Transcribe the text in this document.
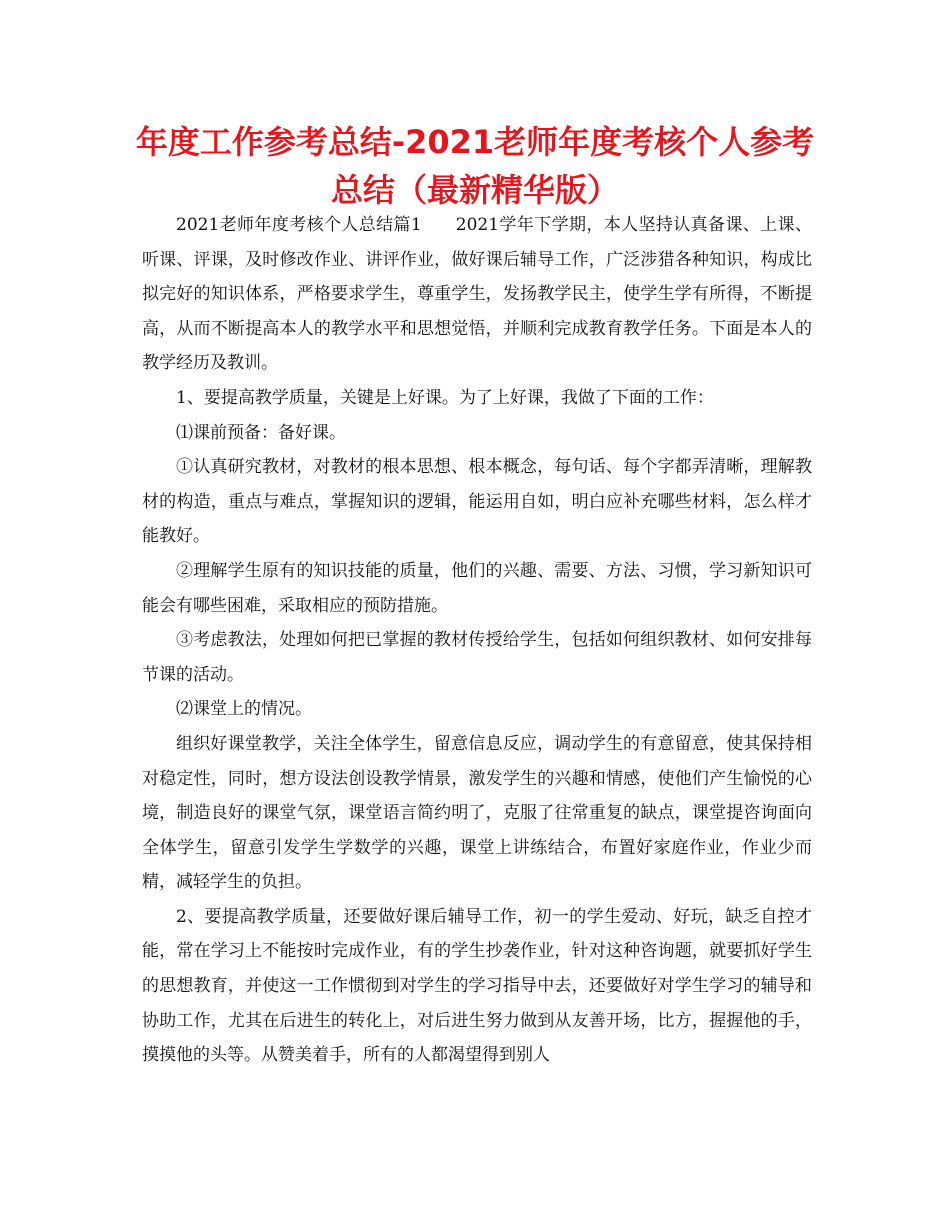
年度工作参考总结-2021老师年度考核个人参考总结（最新精华版）

2021老师年度考核个人总结篇1 2021学年下学期，本人坚持认真备课、上课、听课、评课，及时修改作业、讲评作业，做好课后辅导工作，广泛涉猎各种知识，构成比拟完好的知识体系，严格要求学生，尊重学生，发扬教学民主，使学生学有所得，不断提高，从而不断提高本人的教学水平和思想觉悟，并顺利完成教育教学任务。下面是本人的教学经历及教训。

1、要提高教学质量，关键是上好课。为了上好课，我做了下面的工作：

⑴课前预备：备好课。

①认真研究教材，对教材的根本思想、根本概念，每句话、每个字都弄清晰，理解教材的构造，重点与难点，掌握知识的逻辑，能运用自如，明白应补充哪些材料，怎么样才能教好。

②理解学生原有的知识技能的质量，他们的兴趣、需要、方法、习惯，学习新知识可能会有哪些困难，采取相应的预防措施。

③考虑教法，处理如何把已掌握的教材传授给学生，包括如何组织教材、如何安排每节课的活动。

⑵课堂上的情况。

组织好课堂教学，关注全体学生，留意信息反应，调动学生的有意留意，使其保持相对稳定性，同时，想方设法创设教学情景，激发学生的兴趣和情感，使他们产生愉悦的心境，制造良好的课堂气氛，课堂语言简约明了，克服了往常重复的缺点，课堂提咨询面向全体学生，留意引发学生学数学的兴趣，课堂上讲练结合，布置好家庭作业，作业少而精，减轻学生的负担。

2、要提高教学质量，还要做好课后辅导工作，初一的学生爱动、好玩，缺乏自控才能，常在学习上不能按时完成作业，有的学生抄袭作业，针对这种咨询题，就要抓好学生的思想教育，并使这一工作惯彻到对学生的学习指导中去，还要做好对学生学习的辅导和协助工作，尤其在后进生的转化上，对后进生努力做到从友善开场，比方，握握他的手，摸摸他的头等。从赞美着手，所有的人都渴望得到别人
